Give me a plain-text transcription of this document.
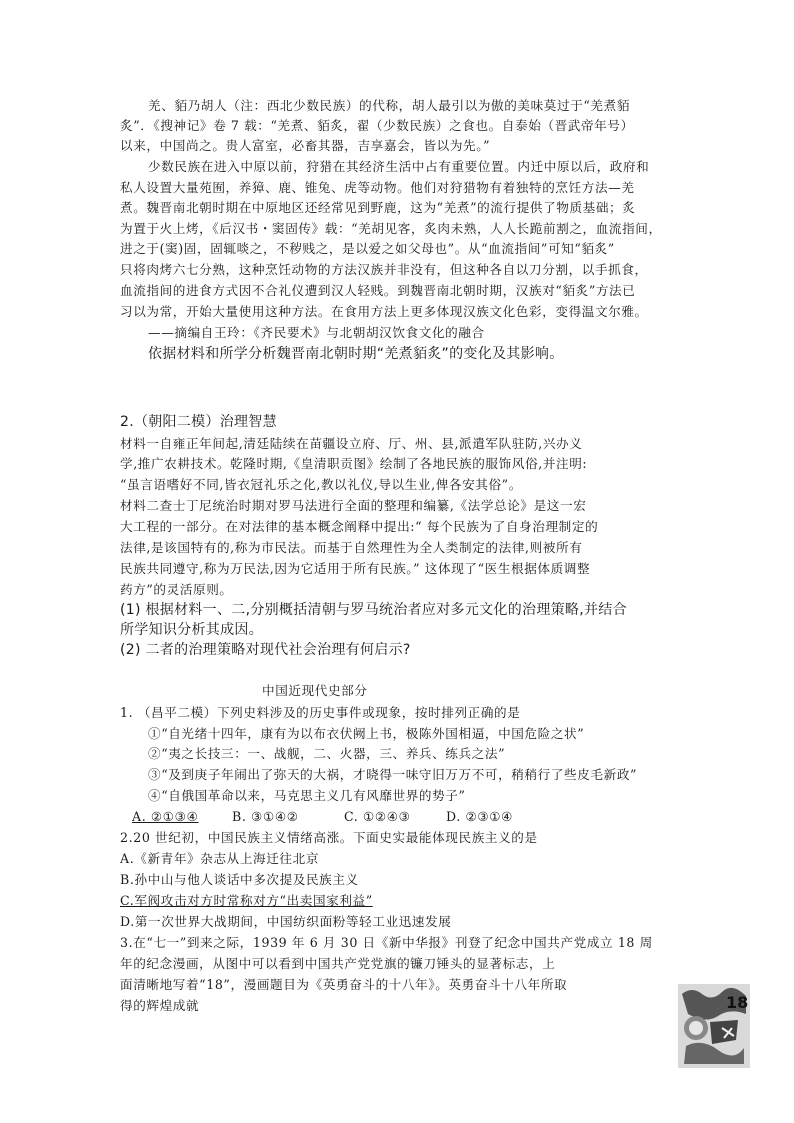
羌、貊乃胡人（注：西北少数民族）的代称，胡人最引以为傲的美味莫过于“羌煮貊
炙”．《搜神记》卷 7 载：“羌煮、貊炙，翟（少数民族）之食也。自泰始（晋武帝年号）
以来，中国尚之。贵人富室，必畜其器，吉享嘉会，皆以为先。”
少数民族在进入中原以前，狩猎在其经济生活中占有重要位置。内迁中原以后，政府和
私人设置大量苑囿，养獐、鹿、锥兔、虎等动物。他们对狩猎物有着独特的烹饪方法—羌
煮。魏晋南北朝时期在中原地区还经常见到野鹿，这为“羌煮”的流行提供了物质基础；炙
为置于火上烤，《后汉书・窦固传》载：“羌胡见客，炙肉未熟，人人长跪前割之，血流指间，
进之于(窦)固，固辄啖之，不秽贱之，是以爱之如父母也”。从“血流指间”可知“貊炙”
只将肉烤六七分熟，这种烹饪动物的方法汉族并非没有，但这种各自以刀分割，以手抓食，
血流指间的进食方式因不合礼仪遭到汉人轻贱。到魏晋南北朝时期，汉族对“貊炙”方法已
习以为常，开始大量使用这种方法。在食用方法上更多体现汉族文化色彩，变得温文尔雅。
——摘编自王玲：《齐民要术》与北朝胡汉饮食文化的融合
依据材料和所学分析魏晋南北朝时期“羌煮貊炙”的变化及其影响。
2.（朝阳二模）治理智慧
材料一自雍正年间起,清廷陆续在苗疆设立府、厅、州、县,派遣军队驻防,兴办义
学,推广农耕技术。乾隆时期,《皇清职贡图》绘制了各地民族的服饰风俗,并注明:
“虽言语嗜好不同,皆衣冠礼乐之化,教以礼仪,导以生业,俾各安其俗”。
材料二查士丁尼统治时期对罗马法进行全面的整理和编纂,《法学总论》是这一宏
大工程的一部分。在对法律的基本概念阐释中提出:“ 每个民族为了自身治理制定的
法律,是该国特有的,称为市民法。而基于自然理性为全人类制定的法律,则被所有
民族共同遵守,称为万民法,因为它适用于所有民族。” 这体现了“医生根据体质调整
药方”的灵活原则。
(1) 根据材料一、二,分别概括清朝与罗马统治者应对多元文化的治理策略,并结合
所学知识分析其成因。
(2) 二者的治理策略对现代社会治理有何启示?
中国近现代史部分
1. （昌平二模）下列史料涉及的历史事件或现象，按时排列正确的是
①“自光绪十四年，康有为以布衣伏阙上书，极陈外国相逼，中国危险之状”
②“夷之长技三：一、战舰，二、火器，三、养兵、练兵之法”
③“及到庚子年闹出了弥天的大祸，才晓得一味守旧万万不可，稍稍行了些皮毛新政”
④“自俄国革命以来，马克思主义几有风靡世界的势子”
A. ②①③④	B. ③①④②	C. ①②④③	D. ②③①④
2.20 世纪初，中国民族主义情绪高涨。下面史实最能体现民族主义的是
A.《新青年》杂志从上海迁往北京
B.孙中山与他人谈话中多次提及民族主义
C.军阀攻击对方时常称对方“出卖国家利益”
D.第一次世界大战期间，中国纺织面粉等轻工业迅速发展
3.在“七一”到来之际，1939 年 6 月 30 日《新中华报》刊登了纪念中国共产党成立 18 周
年的纪念漫画，从图中可以看到中国共产党党旗的镰刀锤头的显著标志，上
面清晰地写着“18”，漫画题目为《英勇奋斗的十八年》。英勇奋斗十八年所取
得的辉煌成就	18
